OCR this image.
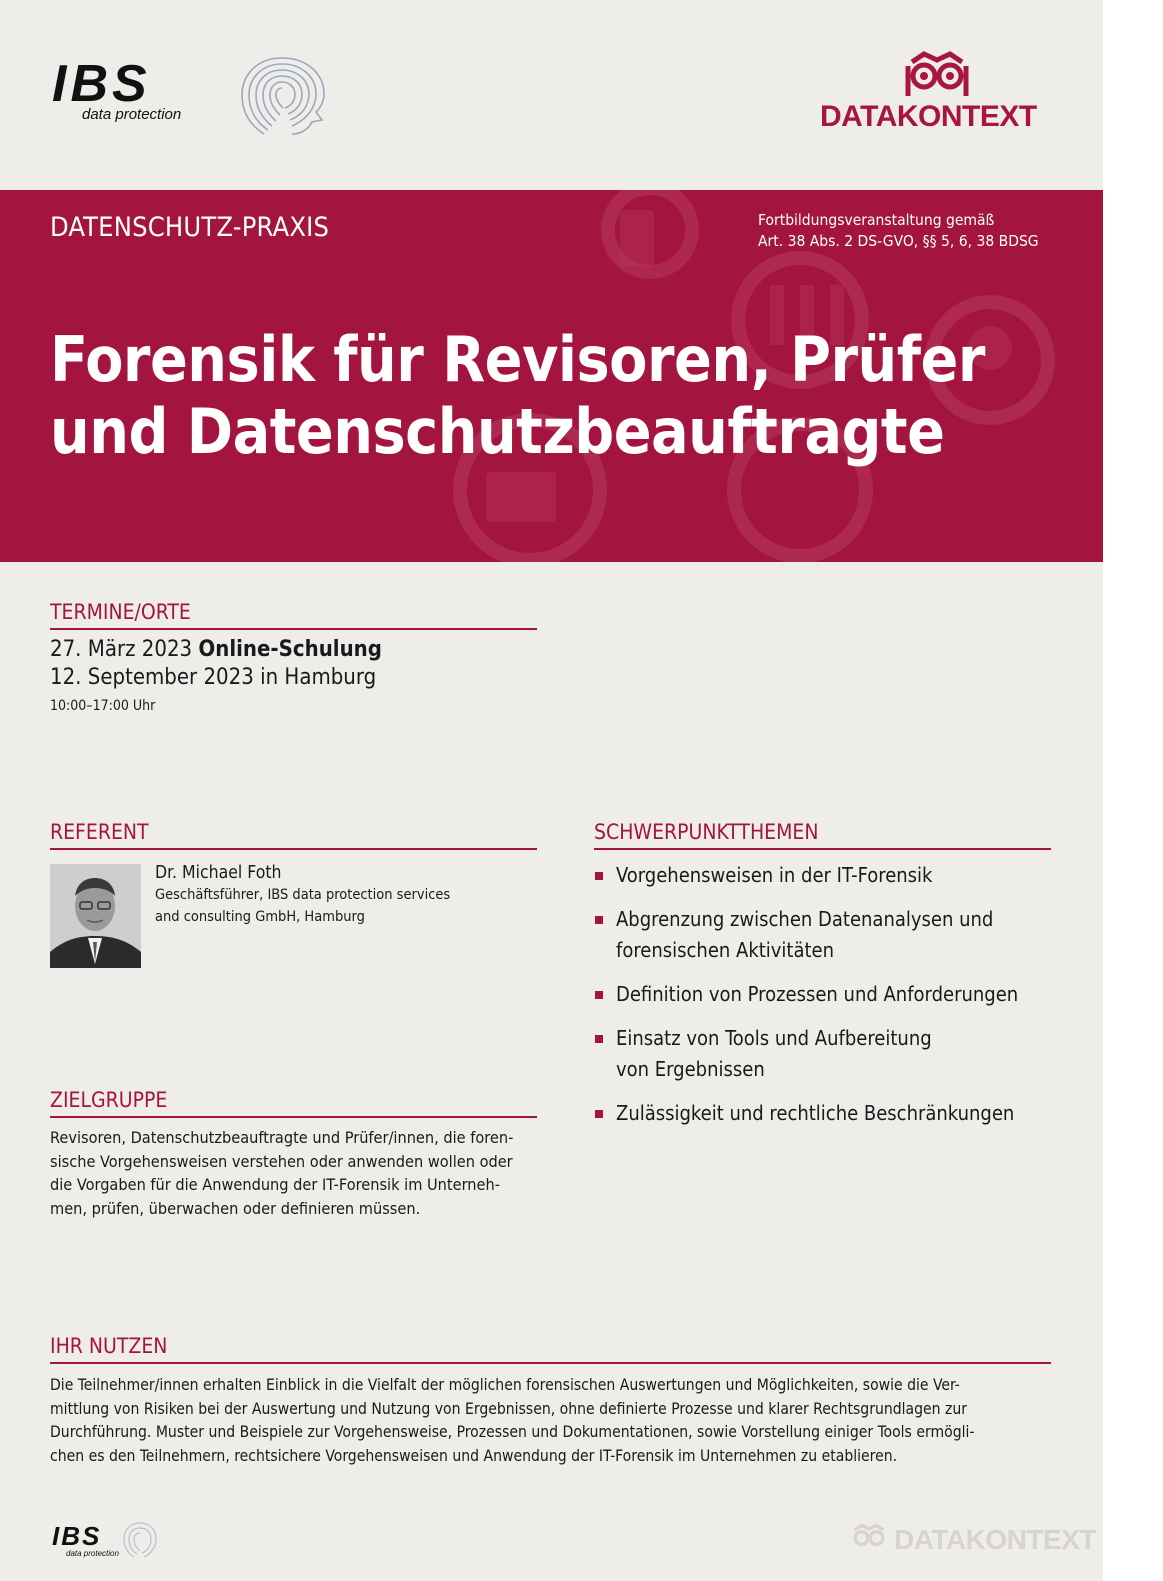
IBS
data protection	DATAKONTEXT
DATENSCHUTZ-PRAXIS	Fortbildungsveranstaltung gemäß
Art. 38 Abs. 2 DS-GVO, §§ 5, 6, 38 BDSG
Forensik für Revisoren, Prüfer
und Datenschutzbeauftragte
TERMINE/ORTE
27. März 2023 Online-Schulung
12. September 2023 in Hamburg
10:00–17:00 Uhr
REFERENT
Dr. Michael Foth
Geschäftsführer, IBS data protection services
and consulting GmbH, Hamburg
SCHWERPUNKTTHEMEN
Vorgehensweisen in der IT-Forensik
Abgrenzung zwischen Datenanalysen und
forensischen Aktivitäten
Definition von Prozessen und Anforderungen
Einsatz von Tools und Aufbereitung
von Ergebnissen
Zulässigkeit und rechtliche Beschränkungen
ZIELGRUPPE
Revisoren, Datenschutzbeauftragte und Prüfer/innen, die foren-
sische Vorgehensweisen verstehen oder anwenden wollen oder
die Vorgaben für die Anwendung der IT-Forensik im Unterneh-
men, prüfen, überwachen oder definieren müssen.
IHR NUTZEN
Die Teilnehmer/innen erhalten Einblick in die Vielfalt der möglichen forensischen Auswertungen und Möglichkeiten, sowie die Ver-
mittlung von Risiken bei der Auswertung und Nutzung von Ergebnissen, ohne definierte Prozesse und klarer Rechtsgrundlagen zur
Durchführung. Muster und Beispiele zur Vorgehensweise, Prozessen und Dokumentationen, sowie Vorstellung einiger Tools ermögli-
chen es den Teilnehmern, rechtsichere Vorgehensweisen und Anwendung der IT-Forensik im Unternehmen zu etablieren.
IBS
data protection	DATAKONTEXT
